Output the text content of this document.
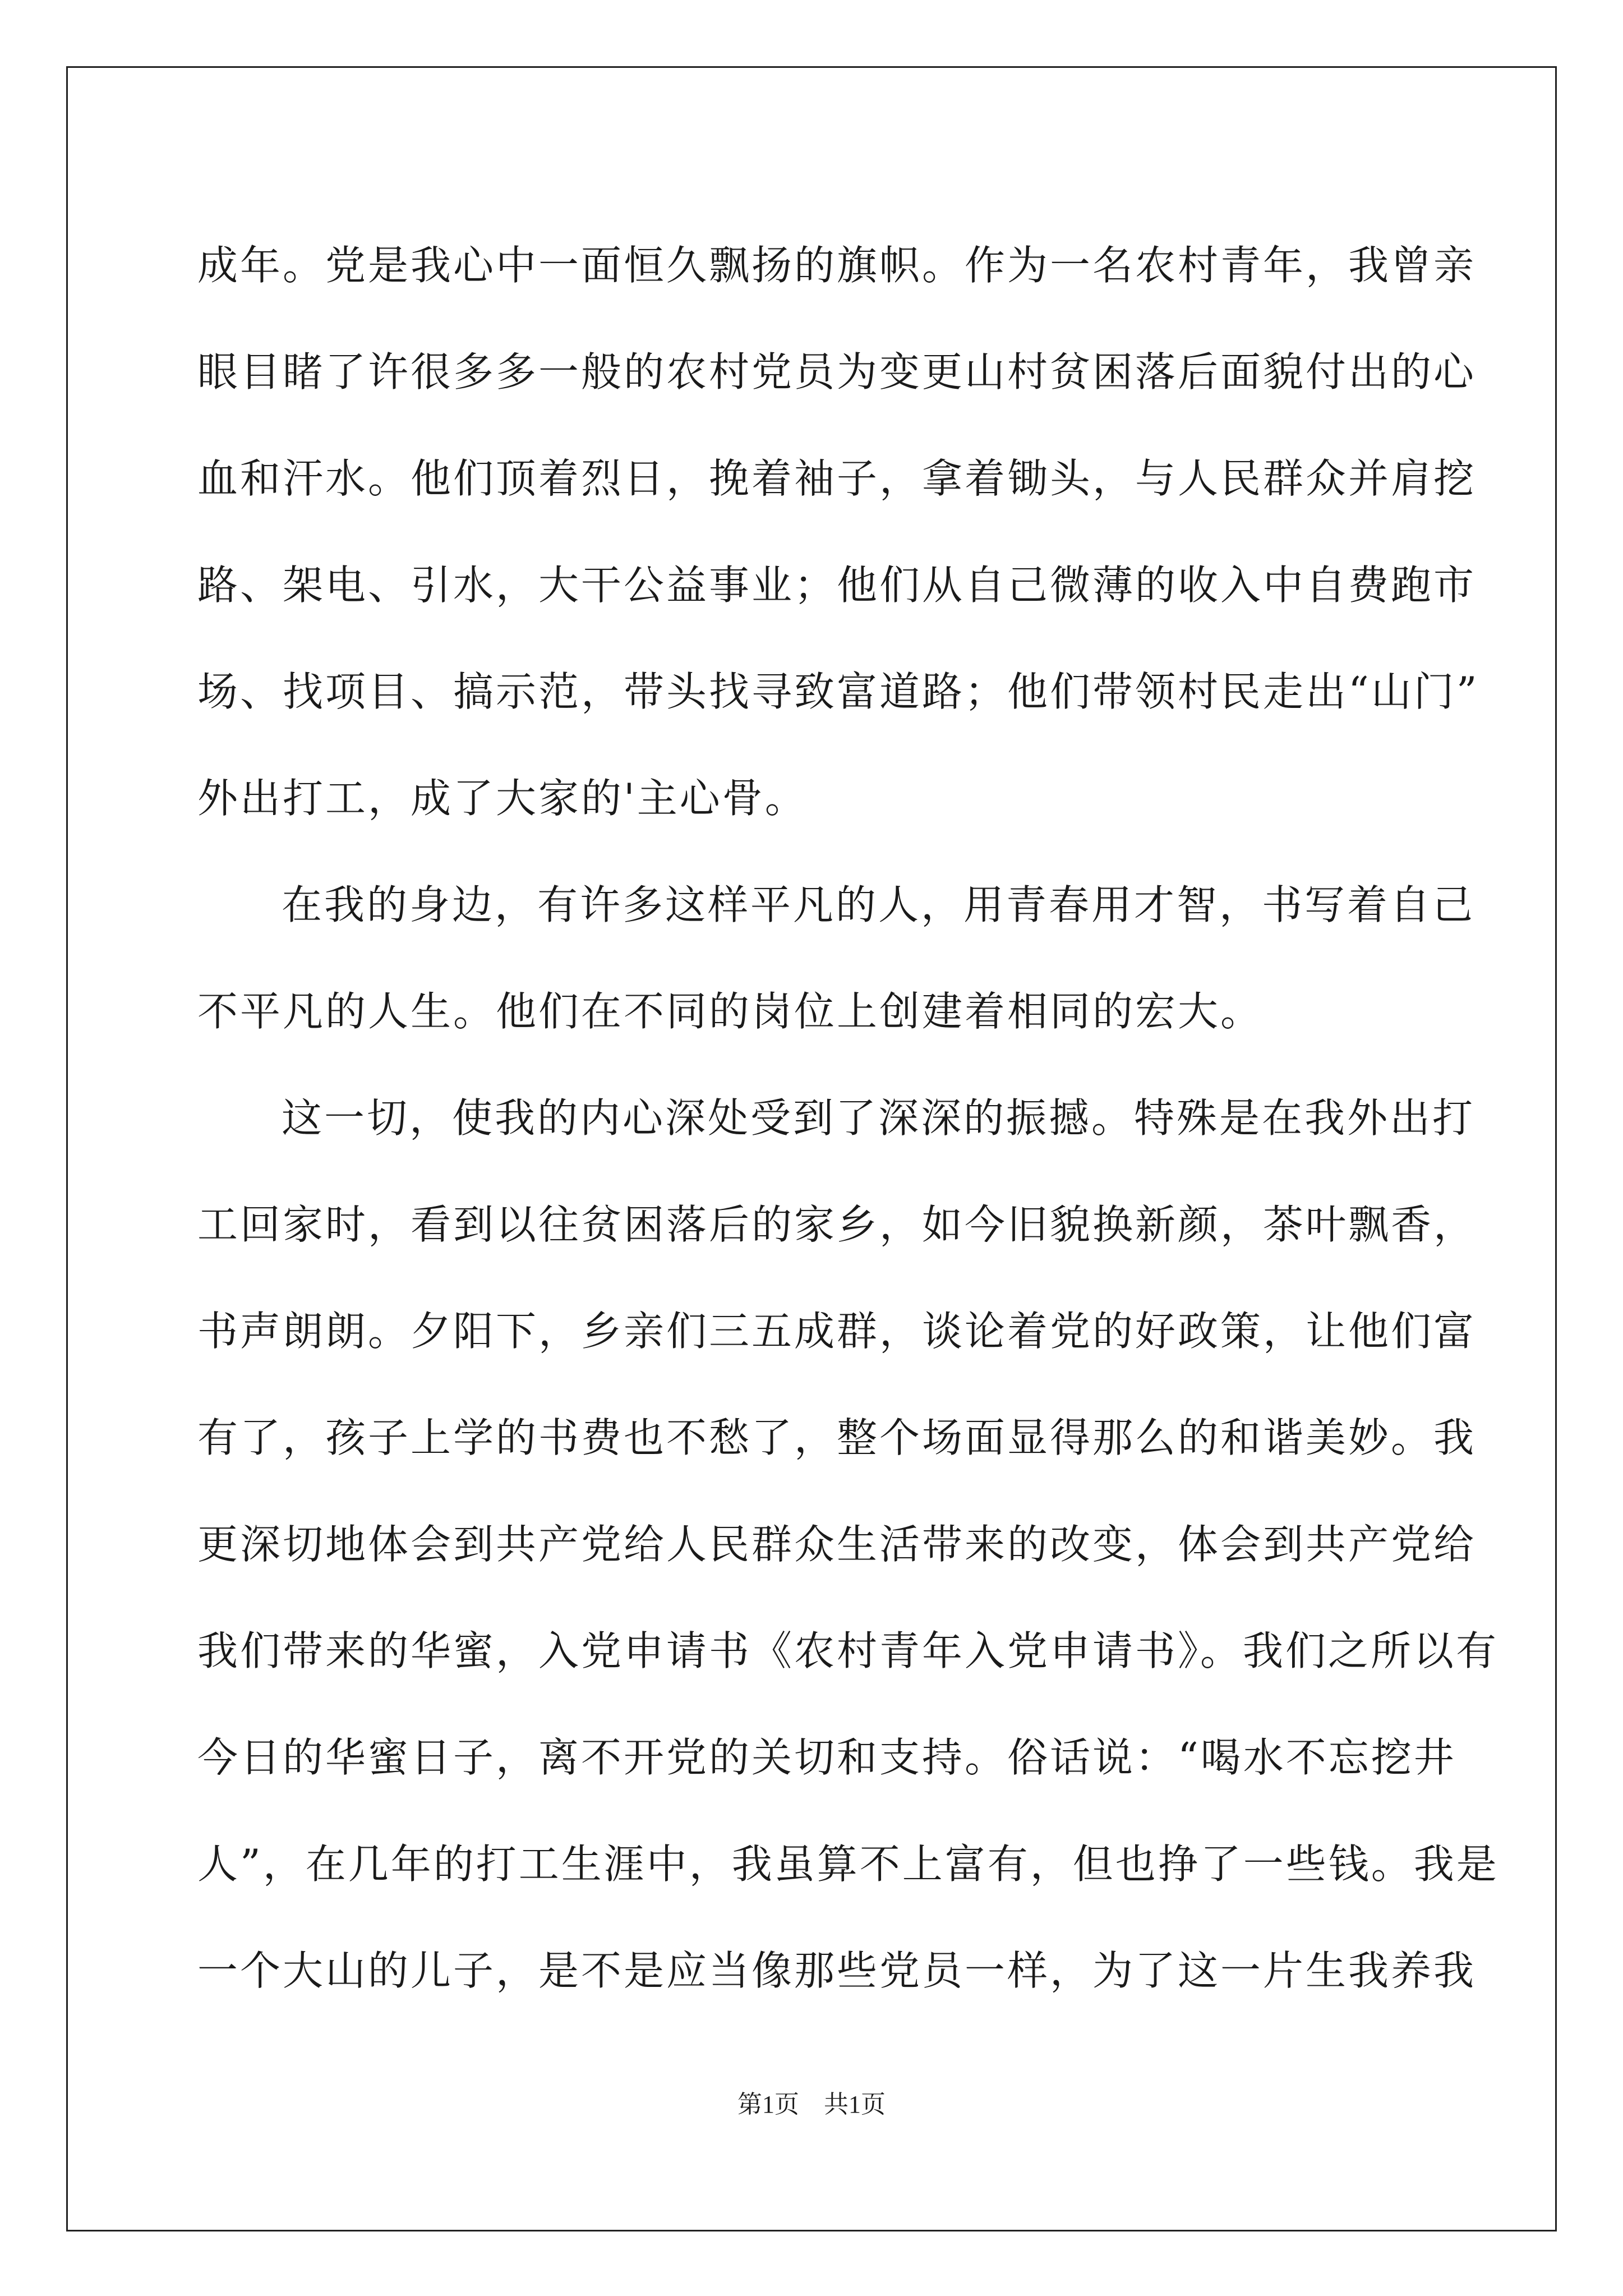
成年。党是我心中一面恒久飘扬的旗帜。作为一名农村青年，我曾亲
眼目睹了许很多多一般的农村党员为变更山村贫困落后面貌付出的心
血和汗水。他们顶着烈日，挽着袖子，拿着锄头，与人民群众并肩挖
路、架电、引水，大干公益事业；他们从自己微薄的收入中自费跑市
场、找项目、搞示范，带头找寻致富道路；他们带领村民走出“山门”
外出打工，成了大家的'主心骨。
在我的身边，有许多这样平凡的人，用青春用才智，书写着自己
不平凡的人生。他们在不同的岗位上创建着相同的宏大。
这一切，使我的内心深处受到了深深的振撼。特殊是在我外出打
工回家时，看到以往贫困落后的家乡，如今旧貌换新颜，茶叶飘香，
书声朗朗。夕阳下，乡亲们三五成群，谈论着党的好政策，让他们富
有了，孩子上学的书费也不愁了，整个场面显得那么的和谐美妙。我
更深切地体会到共产党给人民群众生活带来的改变，体会到共产党给
我们带来的华蜜，入党申请书《农村青年入党申请书》。我们之所以有
今日的华蜜日子，离不开党的关切和支持。俗话说：“喝水不忘挖井
人”，在几年的打工生涯中，我虽算不上富有，但也挣了一些钱。我是
一个大山的儿子，是不是应当像那些党员一样，为了这一片生我养我
第1页　共1页
